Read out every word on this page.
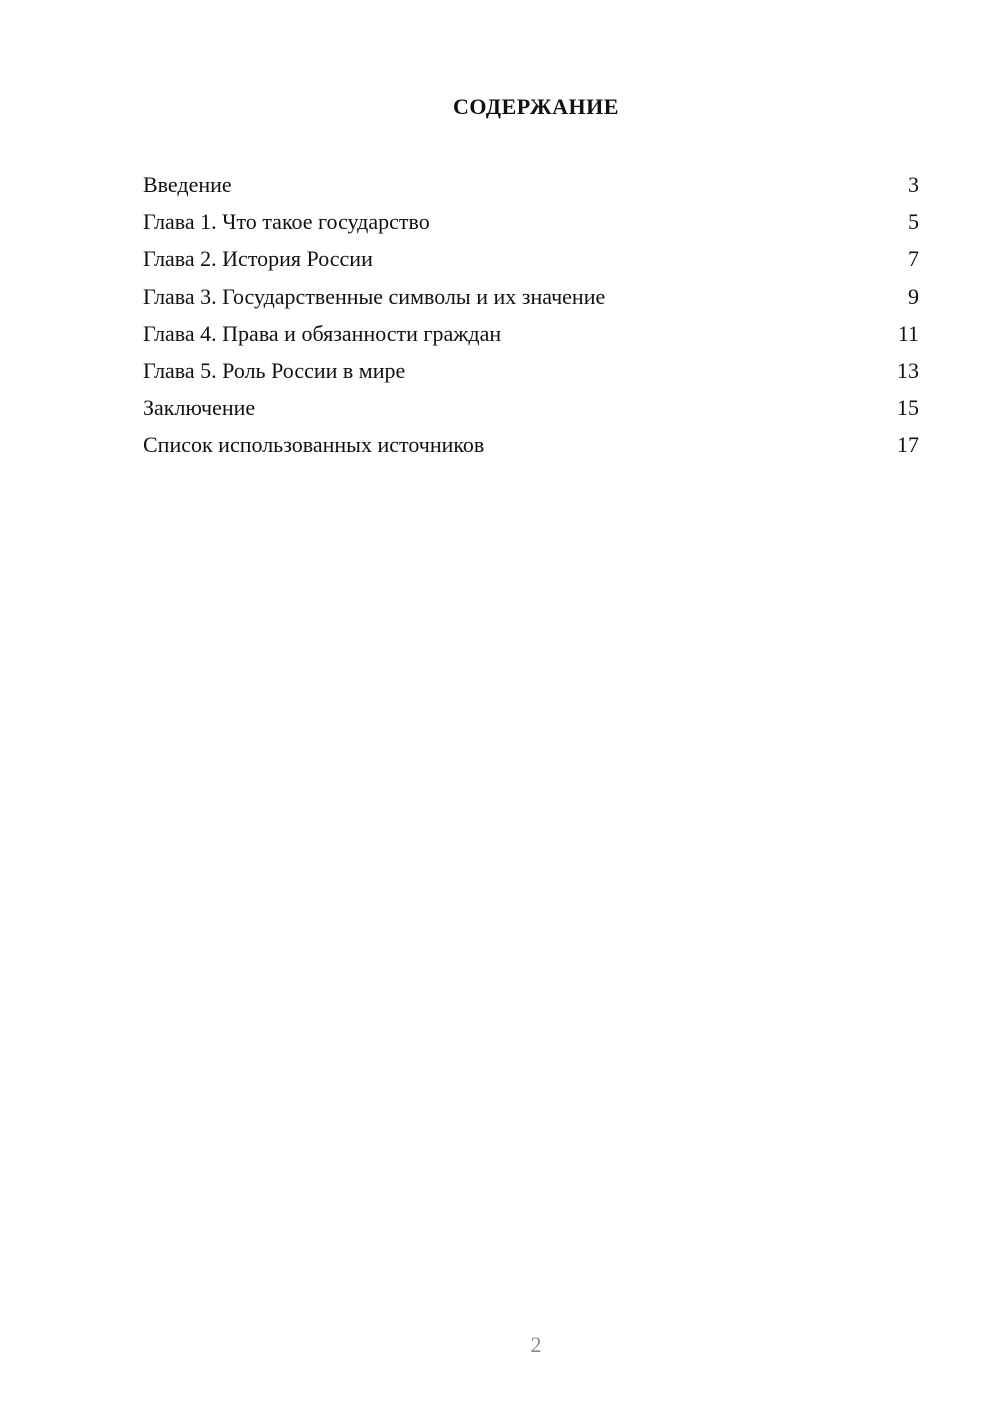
СОДЕРЖАНИЕ
Введение	3
Глава 1. Что такое государство	5
Глава 2. История России	7
Глава 3. Государственные символы и их значение	9
Глава 4. Права и обязанности граждан	11
Глава 5. Роль России в мире	13
Заключение	15
Список использованных источников	17
2
